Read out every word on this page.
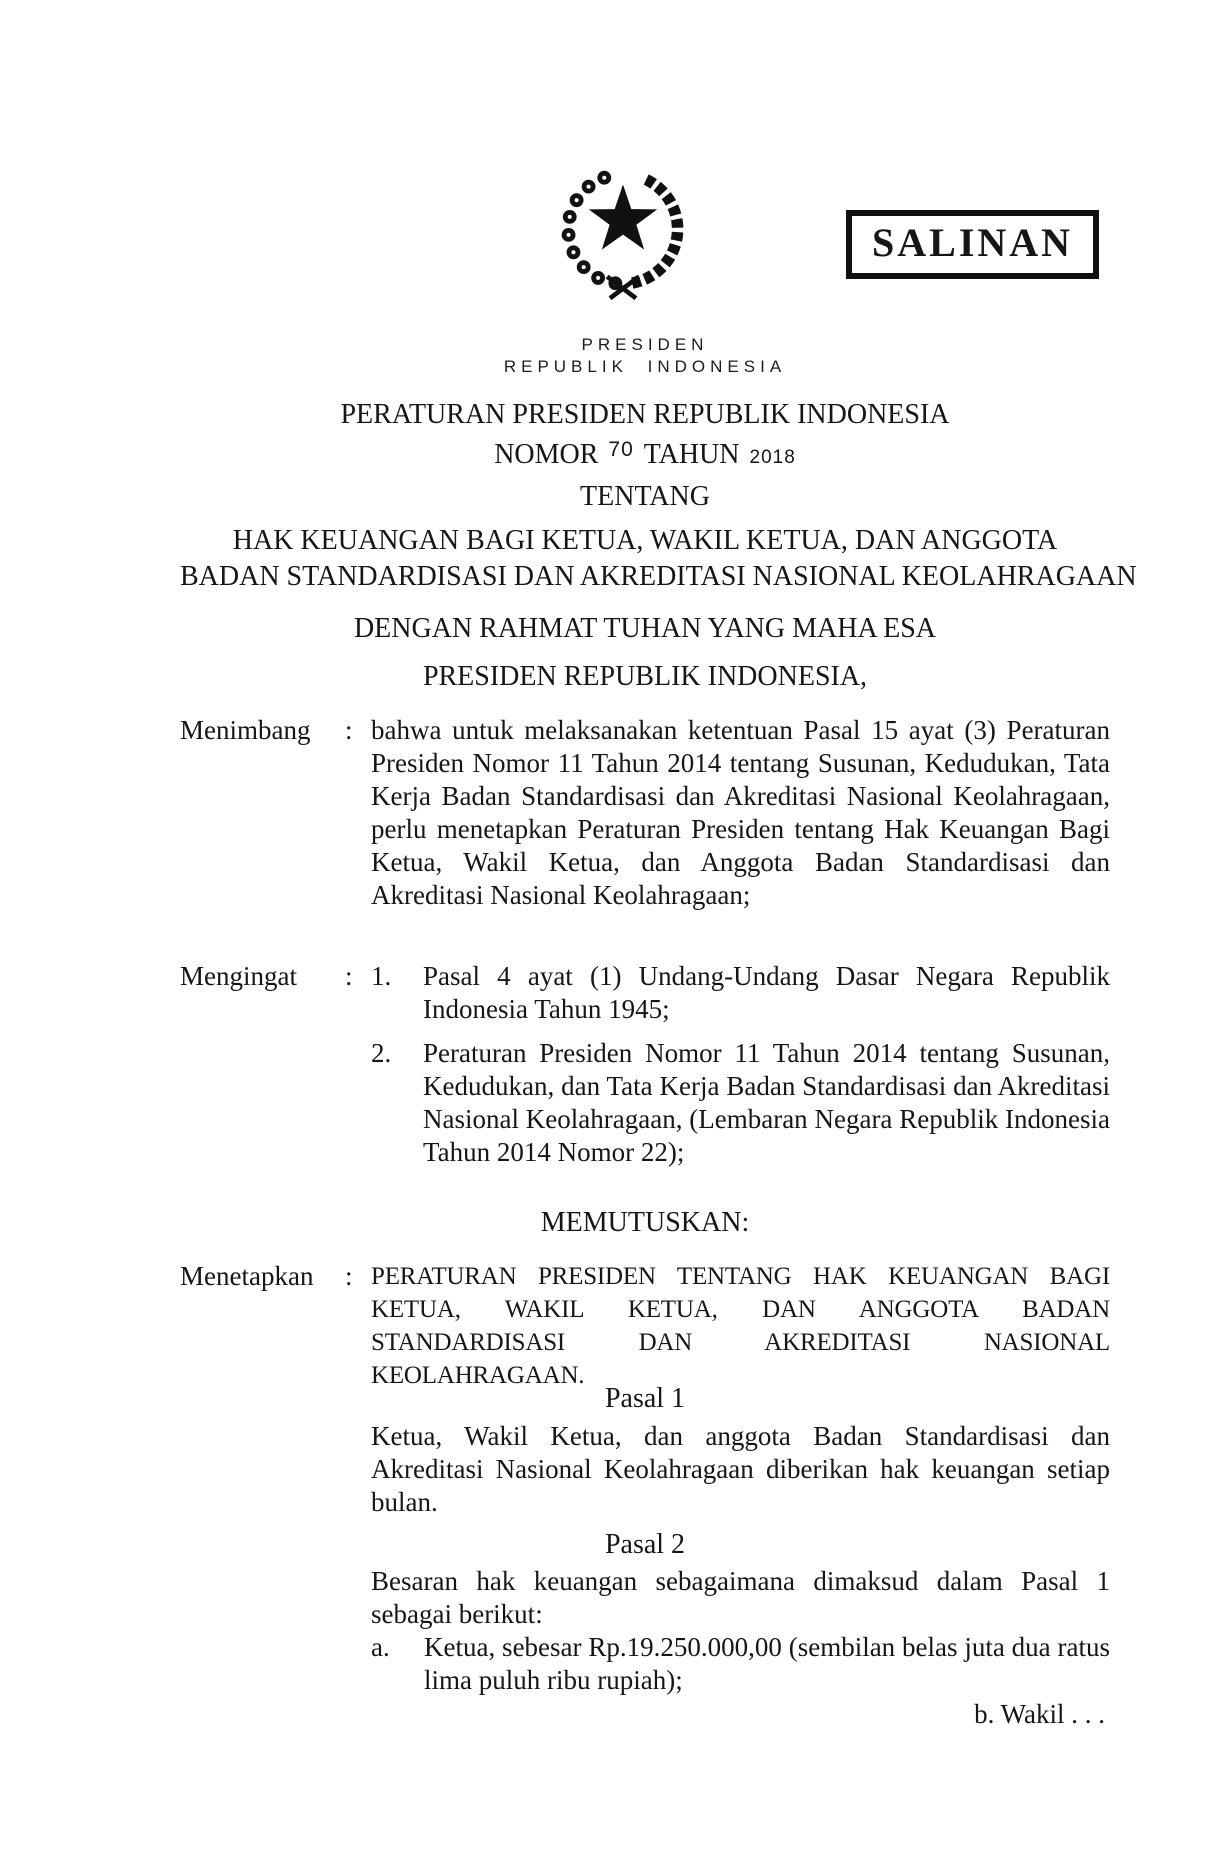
SALINAN
PRESIDEN
REPUBLIK INDONESIA
PERATURAN PRESIDEN REPUBLIK INDONESIA
NOMOR $^{70}$ TAHUN 2018
TENTANG
HAK KEUANGAN BAGI KETUA, WAKIL KETUA, DAN ANGGOTA
BADAN STANDARDISASI DAN AKREDITASI NASIONAL KEOLAHRAGAAN
DENGAN RAHMAT TUHAN YANG MAHA ESA
PRESIDEN REPUBLIK INDONESIA,
Menimbang	: bahwa untuk melaksanakan ketentuan Pasal 15 ayat (3) Peraturan Presiden Nomor 11 Tahun 2014 tentang Susunan, Kedudukan, Tata Kerja Badan Standardisasi dan Akreditasi Nasional Keolahragaan, perlu menetapkan Peraturan Presiden tentang Hak Keuangan Bagi Ketua, Wakil Ketua, dan Anggota Badan Standardisasi dan Akreditasi Nasional Keolahragaan;
Mengingat	: 1.	Pasal 4 ayat (1) Undang-Undang Dasar Negara Republik Indonesia Tahun 1945;
2.	Peraturan Presiden Nomor 11 Tahun 2014 tentang Susunan, Kedudukan, dan Tata Kerja Badan Standardisasi dan Akreditasi Nasional Keolahragaan, (Lembaran Negara Republik Indonesia Tahun 2014 Nomor 22);
MEMUTUSKAN:
Menetapkan	: PERATURAN PRESIDEN TENTANG HAK KEUANGAN BAGI KETUA, WAKIL KETUA, DAN ANGGOTA BADAN STANDARDISASI DAN AKREDITASI NASIONAL KEOLAHRAGAAN.
Pasal 1
Ketua, Wakil Ketua, dan anggota Badan Standardisasi dan Akreditasi Nasional Keolahragaan diberikan hak keuangan setiap bulan.
Pasal 2
Besaran hak keuangan sebagaimana dimaksud dalam Pasal 1 sebagai berikut:
a.	Ketua, sebesar Rp.19.250.000,00 (sembilan belas juta dua ratus lima puluh ribu rupiah);
b. Wakil . . .
